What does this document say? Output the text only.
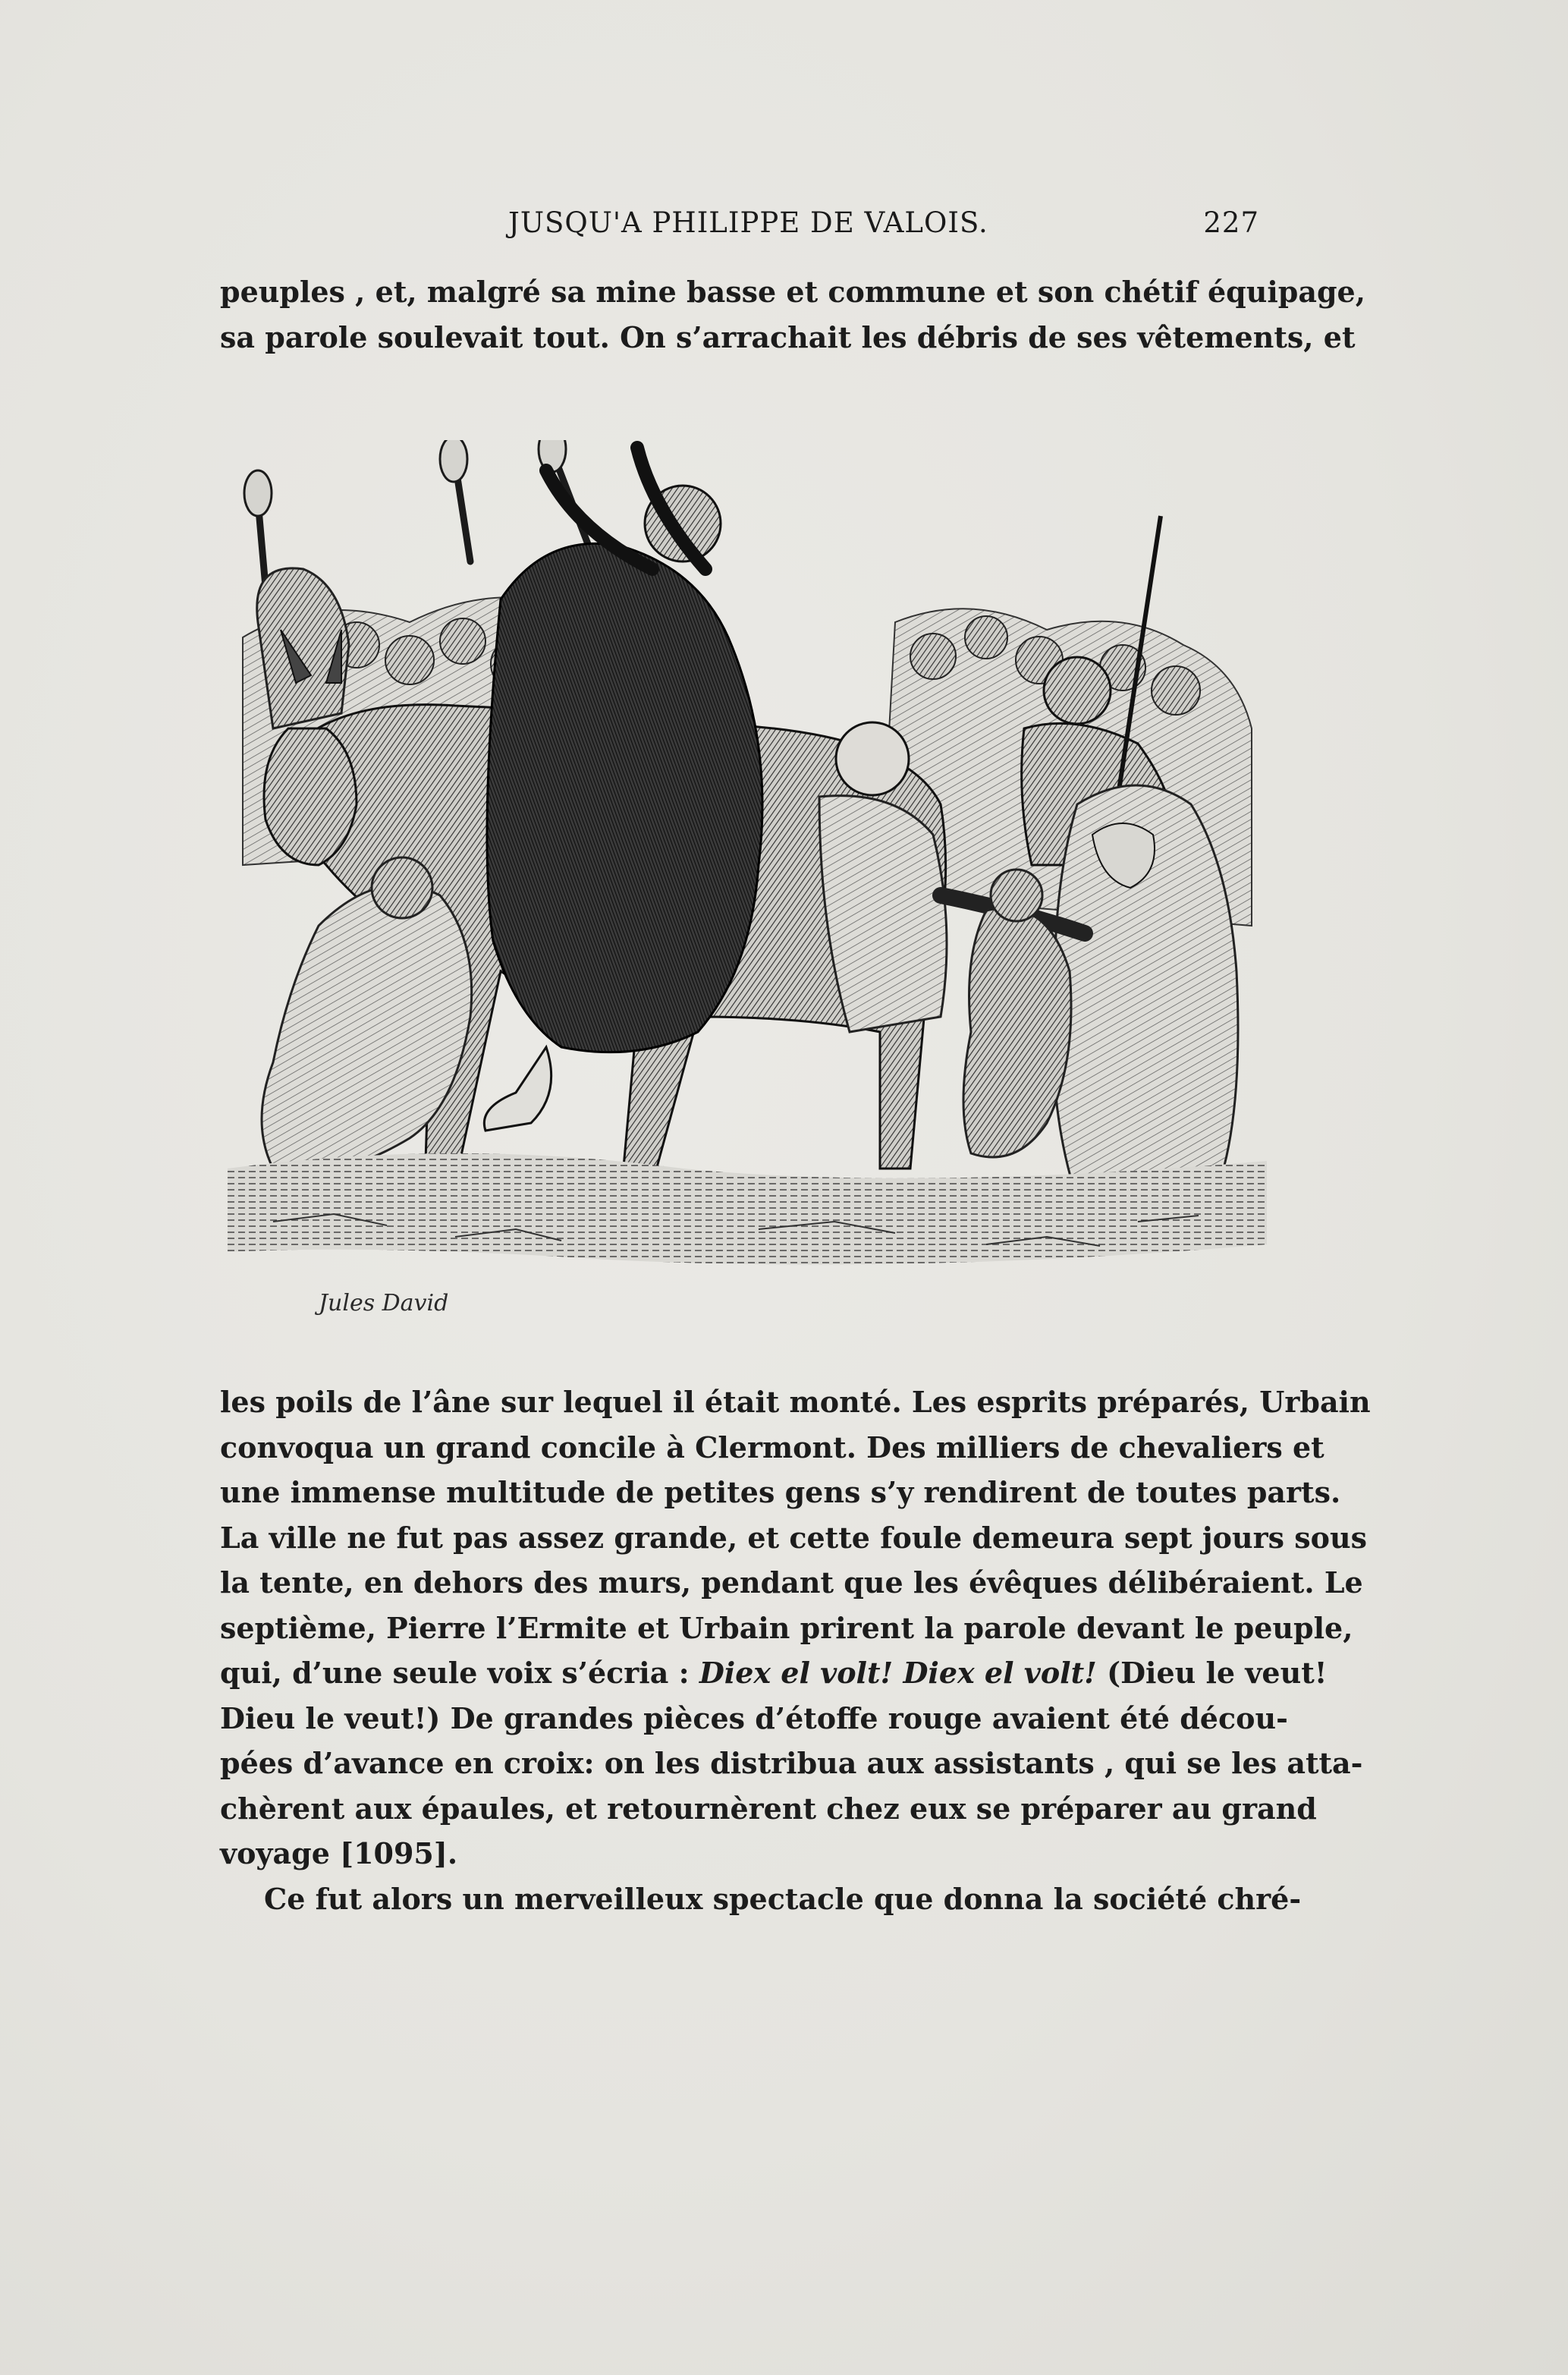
JUSQU'A PHILIPPE DE VALOIS.	227
peuples , et, malgré sa mine basse et commune et son chétif équipage,
sa parole soulevait tout. On s’arrachait les débris de ses vêtements, et
Jules David
les poils de l’âne sur lequel il était monté. Les esprits préparés, Urbain
convoqua un grand concile à Clermont. Des milliers de chevaliers et
une immense multitude de petites gens s’y rendirent de toutes parts.
La ville ne fut pas assez grande, et cette foule demeura sept jours sous
la tente, en dehors des murs, pendant que les évêques délibéraient. Le
septième, Pierre l’Ermite et Urbain prirent la parole devant le peuple,
qui, d’une seule voix s’écria : Diex el volt! Diex el volt! (Dieu le veut!
Dieu le veut!) De grandes pièces d’étoffe rouge avaient été décou-
pées d’avance en croix: on les distribua aux assistants , qui se les atta-
chèrent aux épaules, et retournèrent chez eux se préparer au grand
voyage [1095].
Ce fut alors un merveilleux spectacle que donna la société chré-
